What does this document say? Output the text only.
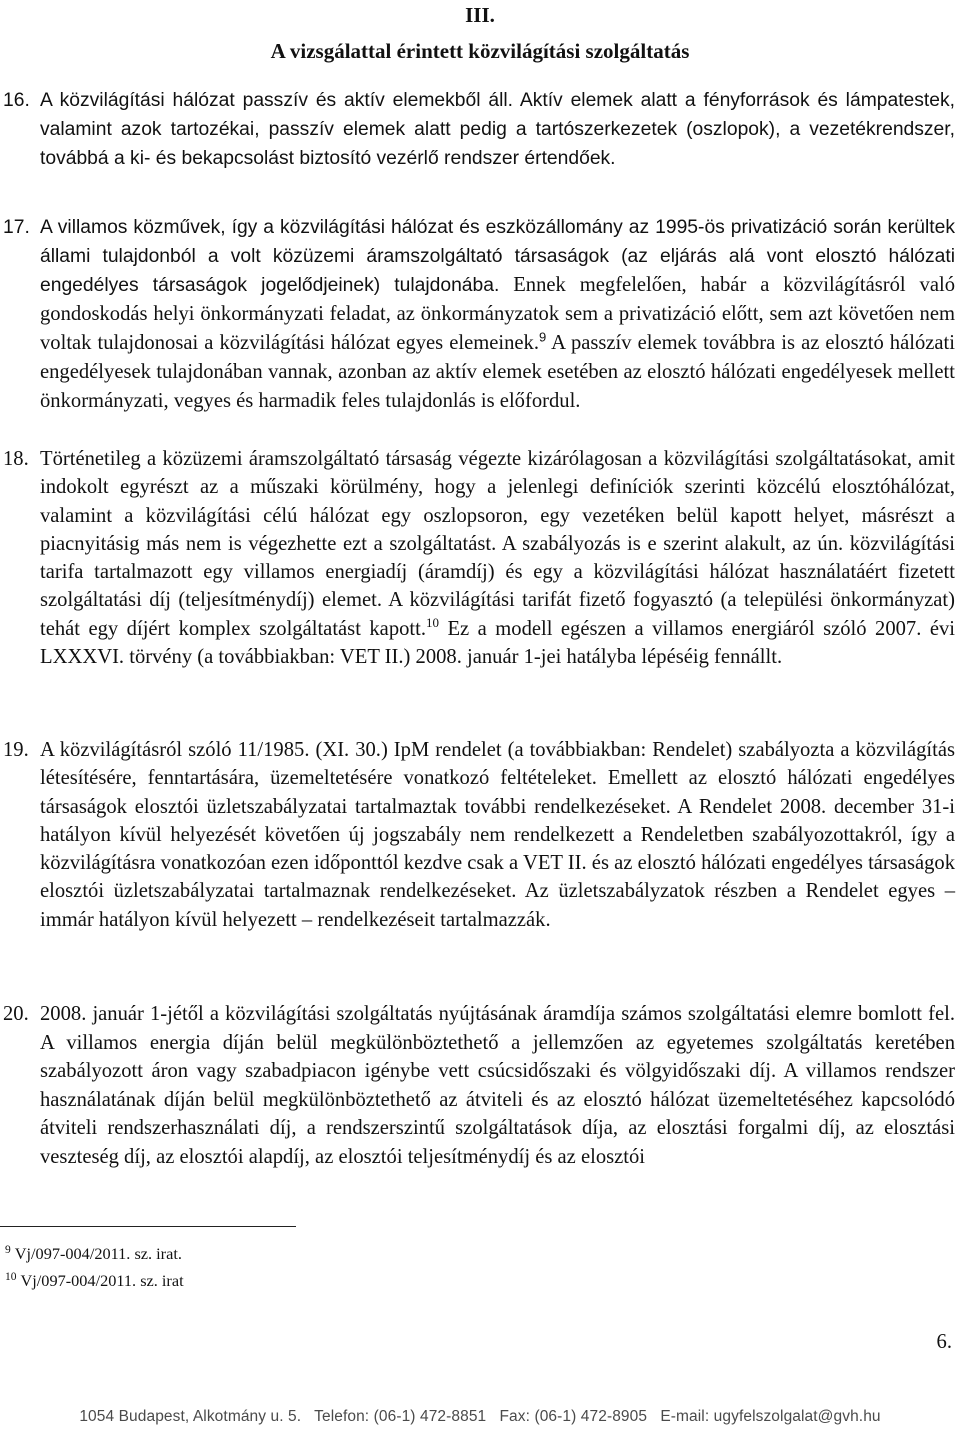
III.
A vizsgálattal érintett közvilágítási szolgáltatás

16. A közvilágítási hálózat passzív és aktív elemekből áll. Aktív elemek alatt a fényforrások és lámpatestek, valamint azok tartozékai, passzív elemek alatt pedig a tartószerkezetek (oszlopok), a vezetékrendszer, továbbá a ki- és bekapcsolást biztosító vezérlő rendszer értendőek.

17. A villamos közművek, így a közvilágítási hálózat és eszközállomány az 1995-ös privatizáció során kerültek állami tulajdonból a volt közüzemi áramszolgáltató társaságok (az eljárás alá vont elosztó hálózati engedélyes társaságok jogelődjeinek) tulajdonába. Ennek megfelelően, habár a közvilágításról való gondoskodás helyi önkormányzati feladat, az önkormányzatok sem a privatizáció előtt, sem azt követően nem voltak tulajdonosai a közvilágítási hálózat egyes elemeinek.$^9$ A passzív elemek továbbra is az elosztó hálózati engedélyesek tulajdonában vannak, azonban az aktív elemek esetében az elosztó hálózati engedélyesek mellett önkormányzati, vegyes és harmadik feles tulajdonlás is előfordul.

18. Történetileg a közüzemi áramszolgáltató társaság végezte kizárólagosan a közvilágítási szolgáltatásokat, amit indokolt egyrészt az a műszaki körülmény, hogy a jelenlegi definíciók szerinti közcélú elosztóhálózat, valamint a közvilágítási célú hálózat egy oszlopsoron, egy vezetéken belül kapott helyet, másrészt a piacnyitásig más nem is végezhette ezt a szolgáltatást. A szabályozás is e szerint alakult, az ún. közvilágítási tarifa tartalmazott egy villamos energiadíj (áramdíj) és egy a közvilágítási hálózat használatáért fizetett szolgáltatási díj (teljesítménydíj) elemet. A közvilágítási tarifát fizető fogyasztó (a települési önkormányzat) tehát egy díjért komplex szolgáltatást kapott.$^{10}$ Ez a modell egészen a villamos energiáról szóló 2007. évi LXXXVI. törvény (a továbbiakban: VET II.) 2008. január 1-jei hatályba lépéséig fennállt.

19. A közvilágításról szóló 11/1985. (XI. 30.) IpM rendelet (a továbbiakban: Rendelet) szabályozta a közvilágítás létesítésére, fenntartására, üzemeltetésére vonatkozó feltételeket. Emellett az elosztó hálózati engedélyes társaságok elosztói üzletszabályzatai tartalmaztak további rendelkezéseket. A Rendelet 2008. december 31-i hatályon kívül helyezését követően új jogszabály nem rendelkezett a Rendeletben szabályozottakról, így a közvilágításra vonatkozóan ezen időponttól kezdve csak a VET II. és az elosztó hálózati engedélyes társaságok elosztói üzletszabályzatai tartalmaznak rendelkezéseket. Az üzletszabályzatok részben a Rendelet egyes – immár hatályon kívül helyezett – rendelkezéseit tartalmazzák.

20. 2008. január 1-jétől a közvilágítási szolgáltatás nyújtásának áramdíja számos szolgáltatási elemre bomlott fel. A villamos energia díján belül megkülönböztethető a jellemzően az egyetemes szolgáltatás keretében szabályozott áron vagy szabadpiacon igénybe vett csúcsidőszaki és völgyidőszaki díj. A villamos rendszer használatának díján belül megkülönböztethető az átviteli és az elosztó hálózat üzemeltetéséhez kapcsolódó átviteli rendszerhasználati díj, a rendszerszintű szolgáltatások díja, az elosztási forgalmi díj, az elosztási veszteség díj, az elosztói alapdíj, az elosztói teljesítménydíj és az elosztói

$^9$ Vj/097-004/2011. sz. irat.
$^{10}$ Vj/097-004/2011. sz. irat
6.
1054 Budapest, Alkotmány u. 5.   Telefon: (06-1) 472-8851   Fax: (06-1) 472-8905   E-mail: ugyfelszolgalat@gvh.hu
